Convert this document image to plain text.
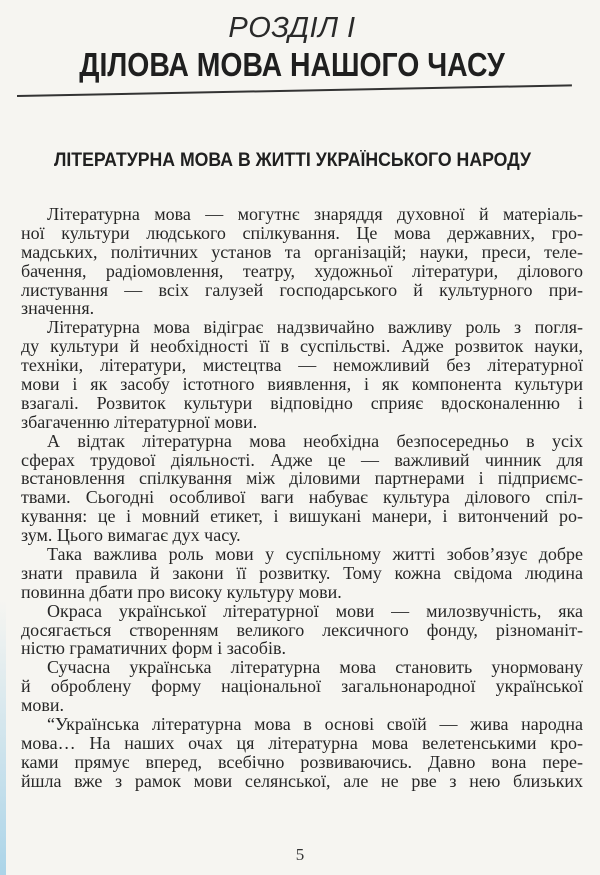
РОЗДІЛ І
ДІЛОВА МОВА НАШОГО ЧАСУ
ЛІТЕРАТУРНА МОВА В ЖИТТІ УКРАЇНСЬКОГО НАРОДУ
Літературна мова — могутнє знаряддя духовної й матеріаль-
ної культури людського спілкування. Це мова державних, гро-
мадських, політичних установ та організацій; науки, преси, теле-
бачення, радіомовлення, театру, художньої літератури, ділового
листування — всіх галузей господарського й культурного при-
значення.
Літературна мова відіграє надзвичайно важливу роль з погля-
ду культури й необхідності її в суспільстві. Адже розвиток науки,
техніки, літератури, мистецтва — неможливий без літературної
мови і як засобу істотного виявлення, і як компонента культури
взагалі. Розвиток культури відповідно сприяє вдосконаленню і
збагаченню літературної мови.
А відтак літературна мова необхідна безпосередньо в усіх
сферах трудової діяльності. Адже це — важливий чинник для
встановлення спілкування між діловими партнерами і підприємс-
твами. Сьогодні особливої ваги набуває культура ділового спіл-
кування: це і мовний етикет, і вишукані манери, і витончений ро-
зум. Цього вимагає дух часу.
Така важлива роль мови у суспільному житті зобов’язує добре
знати правила й закони її розвитку. Тому кожна свідома людина
повинна дбати про високу культуру мови.
Окраса української літературної мови — милозвучність, яка
досягається створенням великого лексичного фонду, різноманіт-
ністю граматичних форм і засобів.
Сучасна українська літературна мова становить унормовану
й оброблену форму національної загальнонародної української
мови.
“Українська літературна мова в основі своїй — жива народна
мова… На наших очах ця літературна мова велетенськими кро-
ками прямує вперед, всебічно розвиваючись. Давно вона пере-
йшла вже з рамок мови селянської, але не рве з нею близьких
5
